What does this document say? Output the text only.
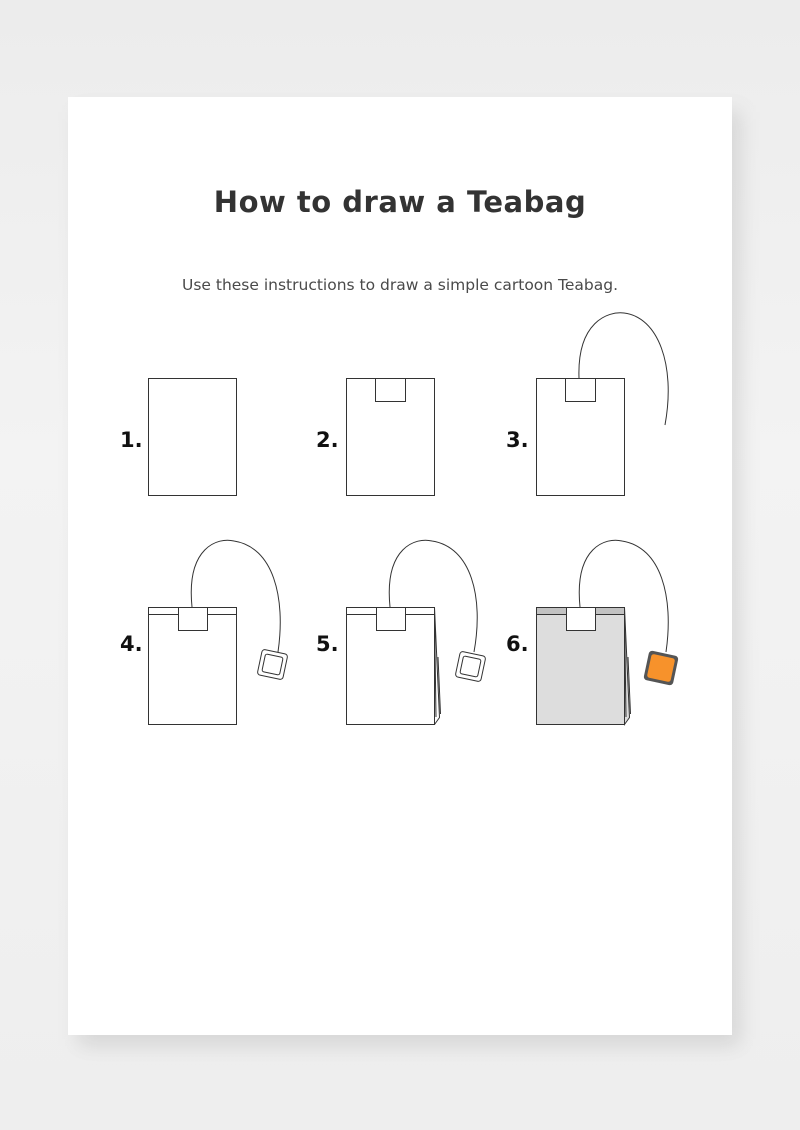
How to draw a Teabag

Use these instructions to draw a simple cartoon Teabag.

1.	2.	3.
4.	5.	6.
